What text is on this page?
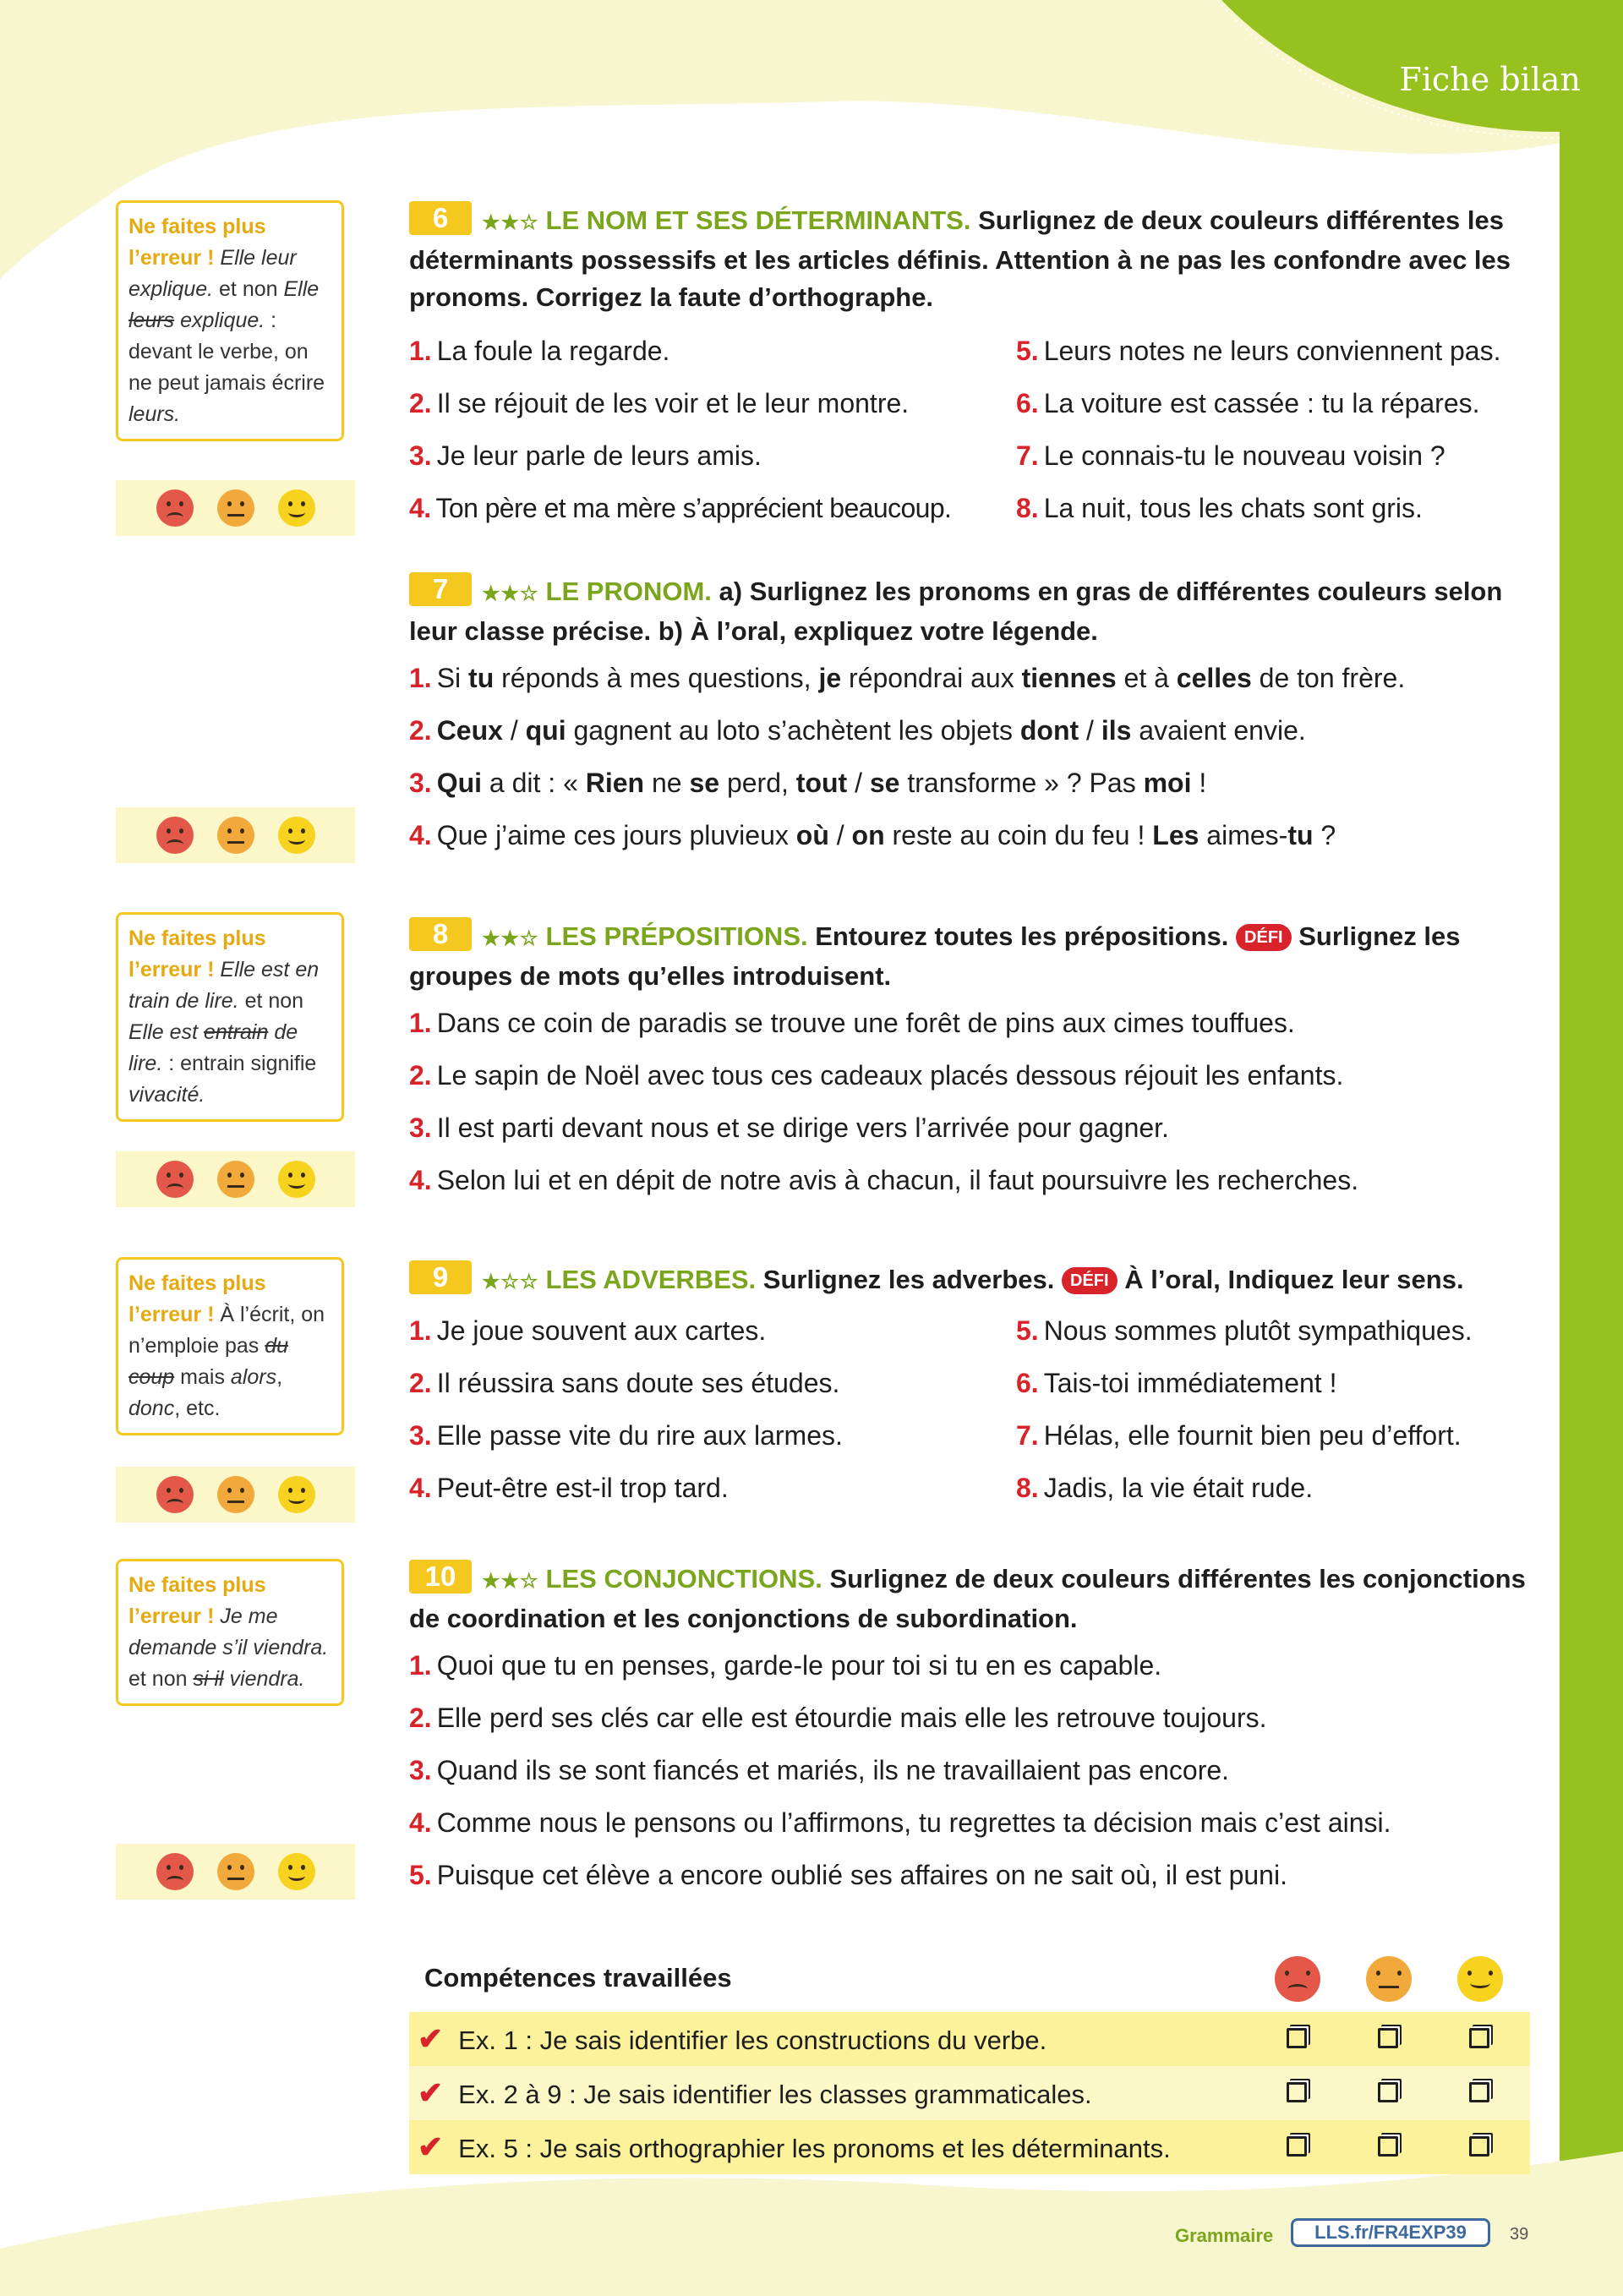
Fiche bilan
Ne faites plus l’erreur ! Elle leur explique. et non Elle leurs explique. : devant le verbe, on ne peut jamais écrire leurs.
Ne faites plus l’erreur ! Elle est en train de lire. et non Elle est entrain de lire. : entrain signifie vivacité.
Ne faites plus l’erreur ! À l’écrit, on n’emploie pas du coup mais alors, donc, etc.
Ne faites plus l’erreur ! Je me demande s’il viendra. et non si il viendra.
6 ★★☆ LE NOM ET SES DÉTERMINANTS. Surlignez de deux couleurs différentes les déterminants possessifs et les articles définis. Attention à ne pas les confondre avec les pronoms. Corrigez la faute d’orthographe.
1. La foule la regarde.	5. Leurs notes ne leurs conviennent pas.
2. Il se réjouit de les voir et le leur montre.	6. La voiture est cassée : tu la répares.
3. Je leur parle de leurs amis.	7. Le connais-tu le nouveau voisin ?
4. Ton père et ma mère s’apprécient beaucoup.	8. La nuit, tous les chats sont gris.
7 ★★☆ LE PRONOM. a) Surlignez les pronoms en gras de différentes couleurs selon leur classe précise. b) À l’oral, expliquez votre légende.
1. Si tu réponds à mes questions, je répondrai aux tiennes et à celles de ton frère.
2. Ceux / qui gagnent au loto s’achètent les objets dont / ils avaient envie.
3. Qui a dit : « Rien ne se perd, tout / se transforme » ? Pas moi !
4. Que j’aime ces jours pluvieux où / on reste au coin du feu ! Les aimes-tu ?
8 ★★☆ LES PRÉPOSITIONS. Entourez toutes les prépositions. DÉFI Surlignez les groupes de mots qu’elles introduisent.
1. Dans ce coin de paradis se trouve une forêt de pins aux cimes touffues.
2. Le sapin de Noël avec tous ces cadeaux placés dessous réjouit les enfants.
3. Il est parti devant nous et se dirige vers l’arrivée pour gagner.
4. Selon lui et en dépit de notre avis à chacun, il faut poursuivre les recherches.
9 ★☆☆ LES ADVERBES. Surlignez les adverbes. DÉFI À l’oral, Indiquez leur sens.
1. Je joue souvent aux cartes.	5. Nous sommes plutôt sympathiques.
2. Il réussira sans doute ses études.	6. Tais-toi immédiatement !
3. Elle passe vite du rire aux larmes.	7. Hélas, elle fournit bien peu d’effort.
4. Peut-être est-il trop tard.	8. Jadis, la vie était rude.
10 ★★☆ LES CONJONCTIONS. Surlignez de deux couleurs différentes les conjonctions de coordination et les conjonctions de subordination.
1. Quoi que tu en penses, garde-le pour toi si tu en es capable.
2. Elle perd ses clés car elle est étourdie mais elle les retrouve toujours.
3. Quand ils se sont fiancés et mariés, ils ne travaillaient pas encore.
4. Comme nous le pensons ou l’affirmons, tu regrettes ta décision mais c’est ainsi.
5. Puisque cet élève a encore oublié ses affaires on ne sait où, il est puni.
Compétences travaillées
✔ Ex. 1 : Je sais identifier les constructions du verbe.
✔ Ex. 2 à 9 : Je sais identifier les classes grammaticales.
✔ Ex. 5 : Je sais orthographier les pronoms et les déterminants.
Grammaire	LLS.fr/FR4EXP39	39
